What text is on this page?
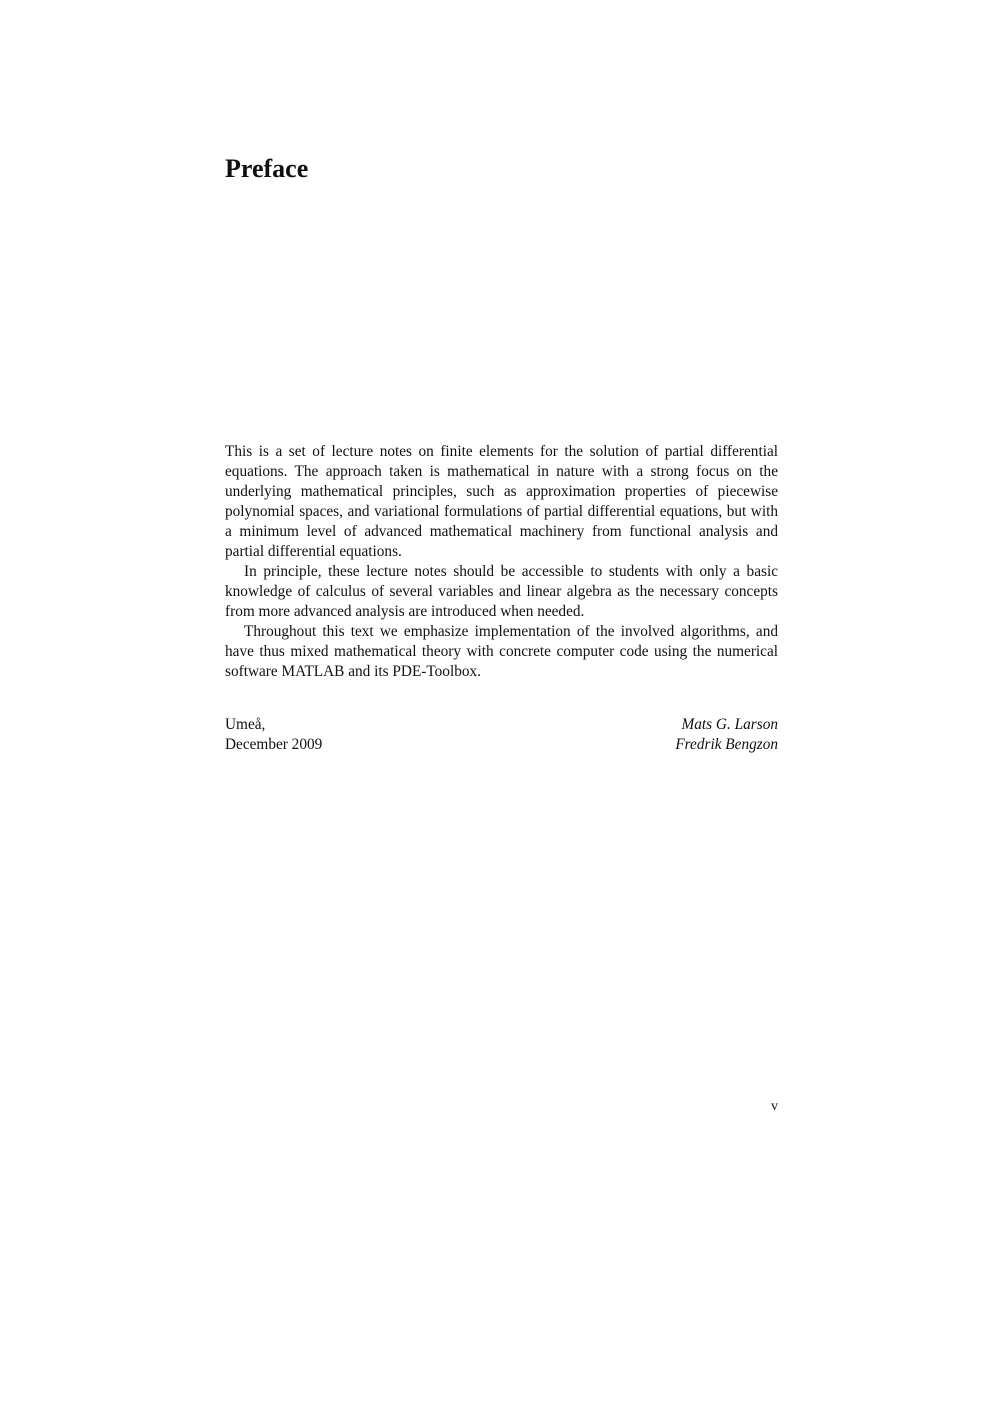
Preface

This is a set of lecture notes on finite elements for the solution of partial differential equations. The approach taken is mathematical in nature with a strong focus on the underlying mathematical principles, such as approximation properties of piecewise polynomial spaces, and variational formulations of partial differential equations, but with a minimum level of advanced mathematical machinery from functional analysis and partial differential equations.

In principle, these lecture notes should be accessible to students with only a basic knowledge of calculus of several variables and linear algebra as the necessary concepts from more advanced analysis are introduced when needed.

Throughout this text we emphasize implementation of the involved algorithms, and have thus mixed mathematical theory with concrete computer code using the numerical software MATLAB and its PDE-Toolbox.

Umeå,
December 2009
Mats G. Larson
Fredrik Bengzon
v
